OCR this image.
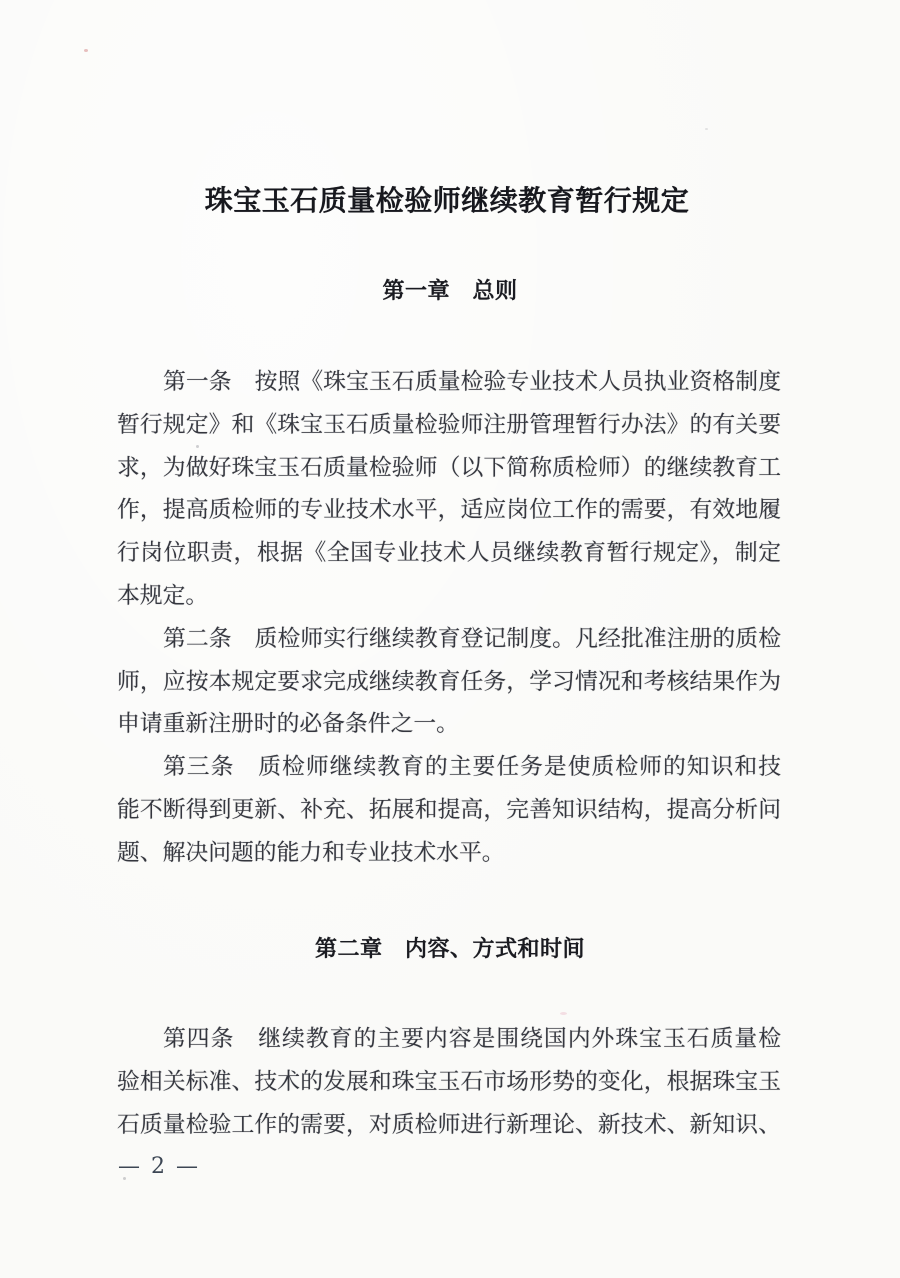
珠宝玉石质量检验师继续教育暂行规定
第一章　总则
第一条　按照《珠宝玉石质量检验专业技术人员执业资格制度
暂行规定》和《珠宝玉石质量检验师注册管理暂行办法》的有关要
求，为做好珠宝玉石质量检验师（以下简称质检师）的继续教育工
作，提高质检师的专业技术水平，适应岗位工作的需要，有效地履
行岗位职责，根据《全国专业技术人员继续教育暂行规定》，制定
本规定。
第二条　质检师实行继续教育登记制度。凡经批准注册的质检
师，应按本规定要求完成继续教育任务，学习情况和考核结果作为
申请重新注册时的必备条件之一。
第三条　质检师继续教育的主要任务是使质检师的知识和技
能不断得到更新、补充、拓展和提高，完善知识结构，提高分析问
题、解决问题的能力和专业技术水平。
第二章　内容、方式和时间
第四条　继续教育的主要内容是围绕国内外珠宝玉石质量检
验相关标准、技术的发展和珠宝玉石市场形势的变化，根据珠宝玉
石质量检验工作的需要，对质检师进行新理论、新技术、新知识、
— 2 —
